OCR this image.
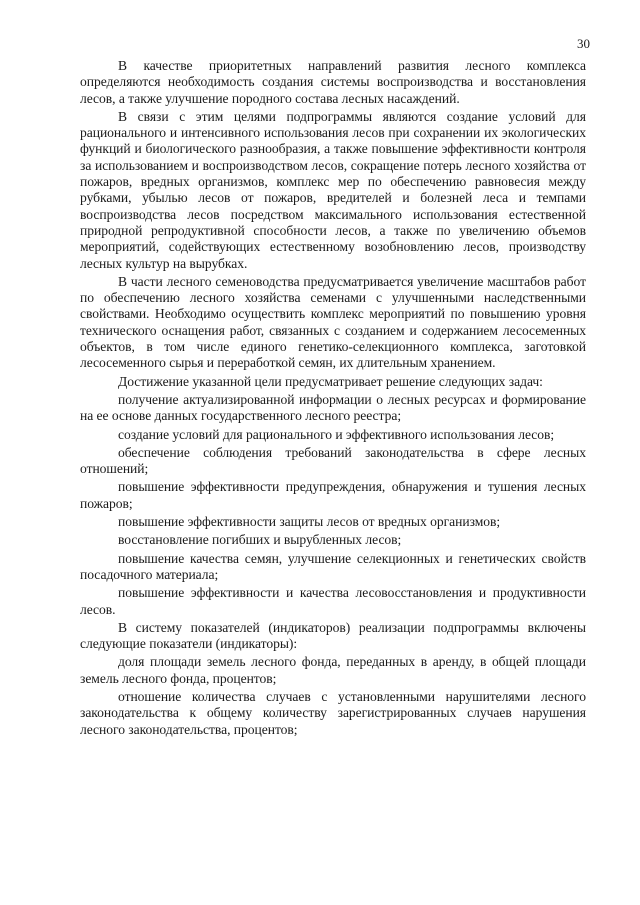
30

В качестве приоритетных направлений развития лесного комплекса определяются необходимость создания системы воспроизводства и восстановления лесов, а также улучшение породного состава лесных насаждений.

В связи с этим целями подпрограммы являются создание условий для рационального и интенсивного использования лесов при сохранении их экологических функций и биологического разнообразия, а также повышение эффективности контроля за использованием и воспроизводством лесов, сокращение потерь лесного хозяйства от пожаров, вредных организмов, комплекс мер по обеспечению равновесия между рубками, убылью лесов от пожаров, вредителей и болезней леса и темпами воспроизводства лесов посредством максимального использования естественной природной репродуктивной способности лесов, а также по увеличению объемов мероприятий, содействующих естественному возобновлению лесов, производству лесных культур на вырубках.

В части лесного семеноводства предусматривается увеличение масштабов работ по обеспечению лесного хозяйства семенами с улучшенными наследственными свойствами. Необходимо осуществить комплекс мероприятий по повышению уровня технического оснащения работ, связанных с созданием и содержанием лесосеменных объектов, в том числе единого генетико-селекционного комплекса, заготовкой лесосеменного сырья и переработкой семян, их длительным хранением.

Достижение указанной цели предусматривает решение следующих задач:

получение актуализированной информации о лесных ресурсах и формирование на ее основе данных государственного лесного реестра;

создание условий для рационального и эффективного использования лесов;

обеспечение соблюдения требований законодательства в сфере лесных отношений;

повышение эффективности предупреждения, обнаружения и тушения лесных пожаров;

повышение эффективности защиты лесов от вредных организмов;

восстановление погибших и вырубленных лесов;

повышение качества семян, улучшение селекционных и генетических свойств посадочного материала;

повышение эффективности и качества лесовосстановления и продуктивности лесов.

В систему показателей (индикаторов) реализации подпрограммы включены следующие показатели (индикаторы):

доля площади земель лесного фонда, переданных в аренду, в общей площади земель лесного фонда, процентов;

отношение количества случаев с установленными нарушителями лесного законодательства к общему количеству зарегистрированных случаев нарушения лесного законодательства, процентов;
